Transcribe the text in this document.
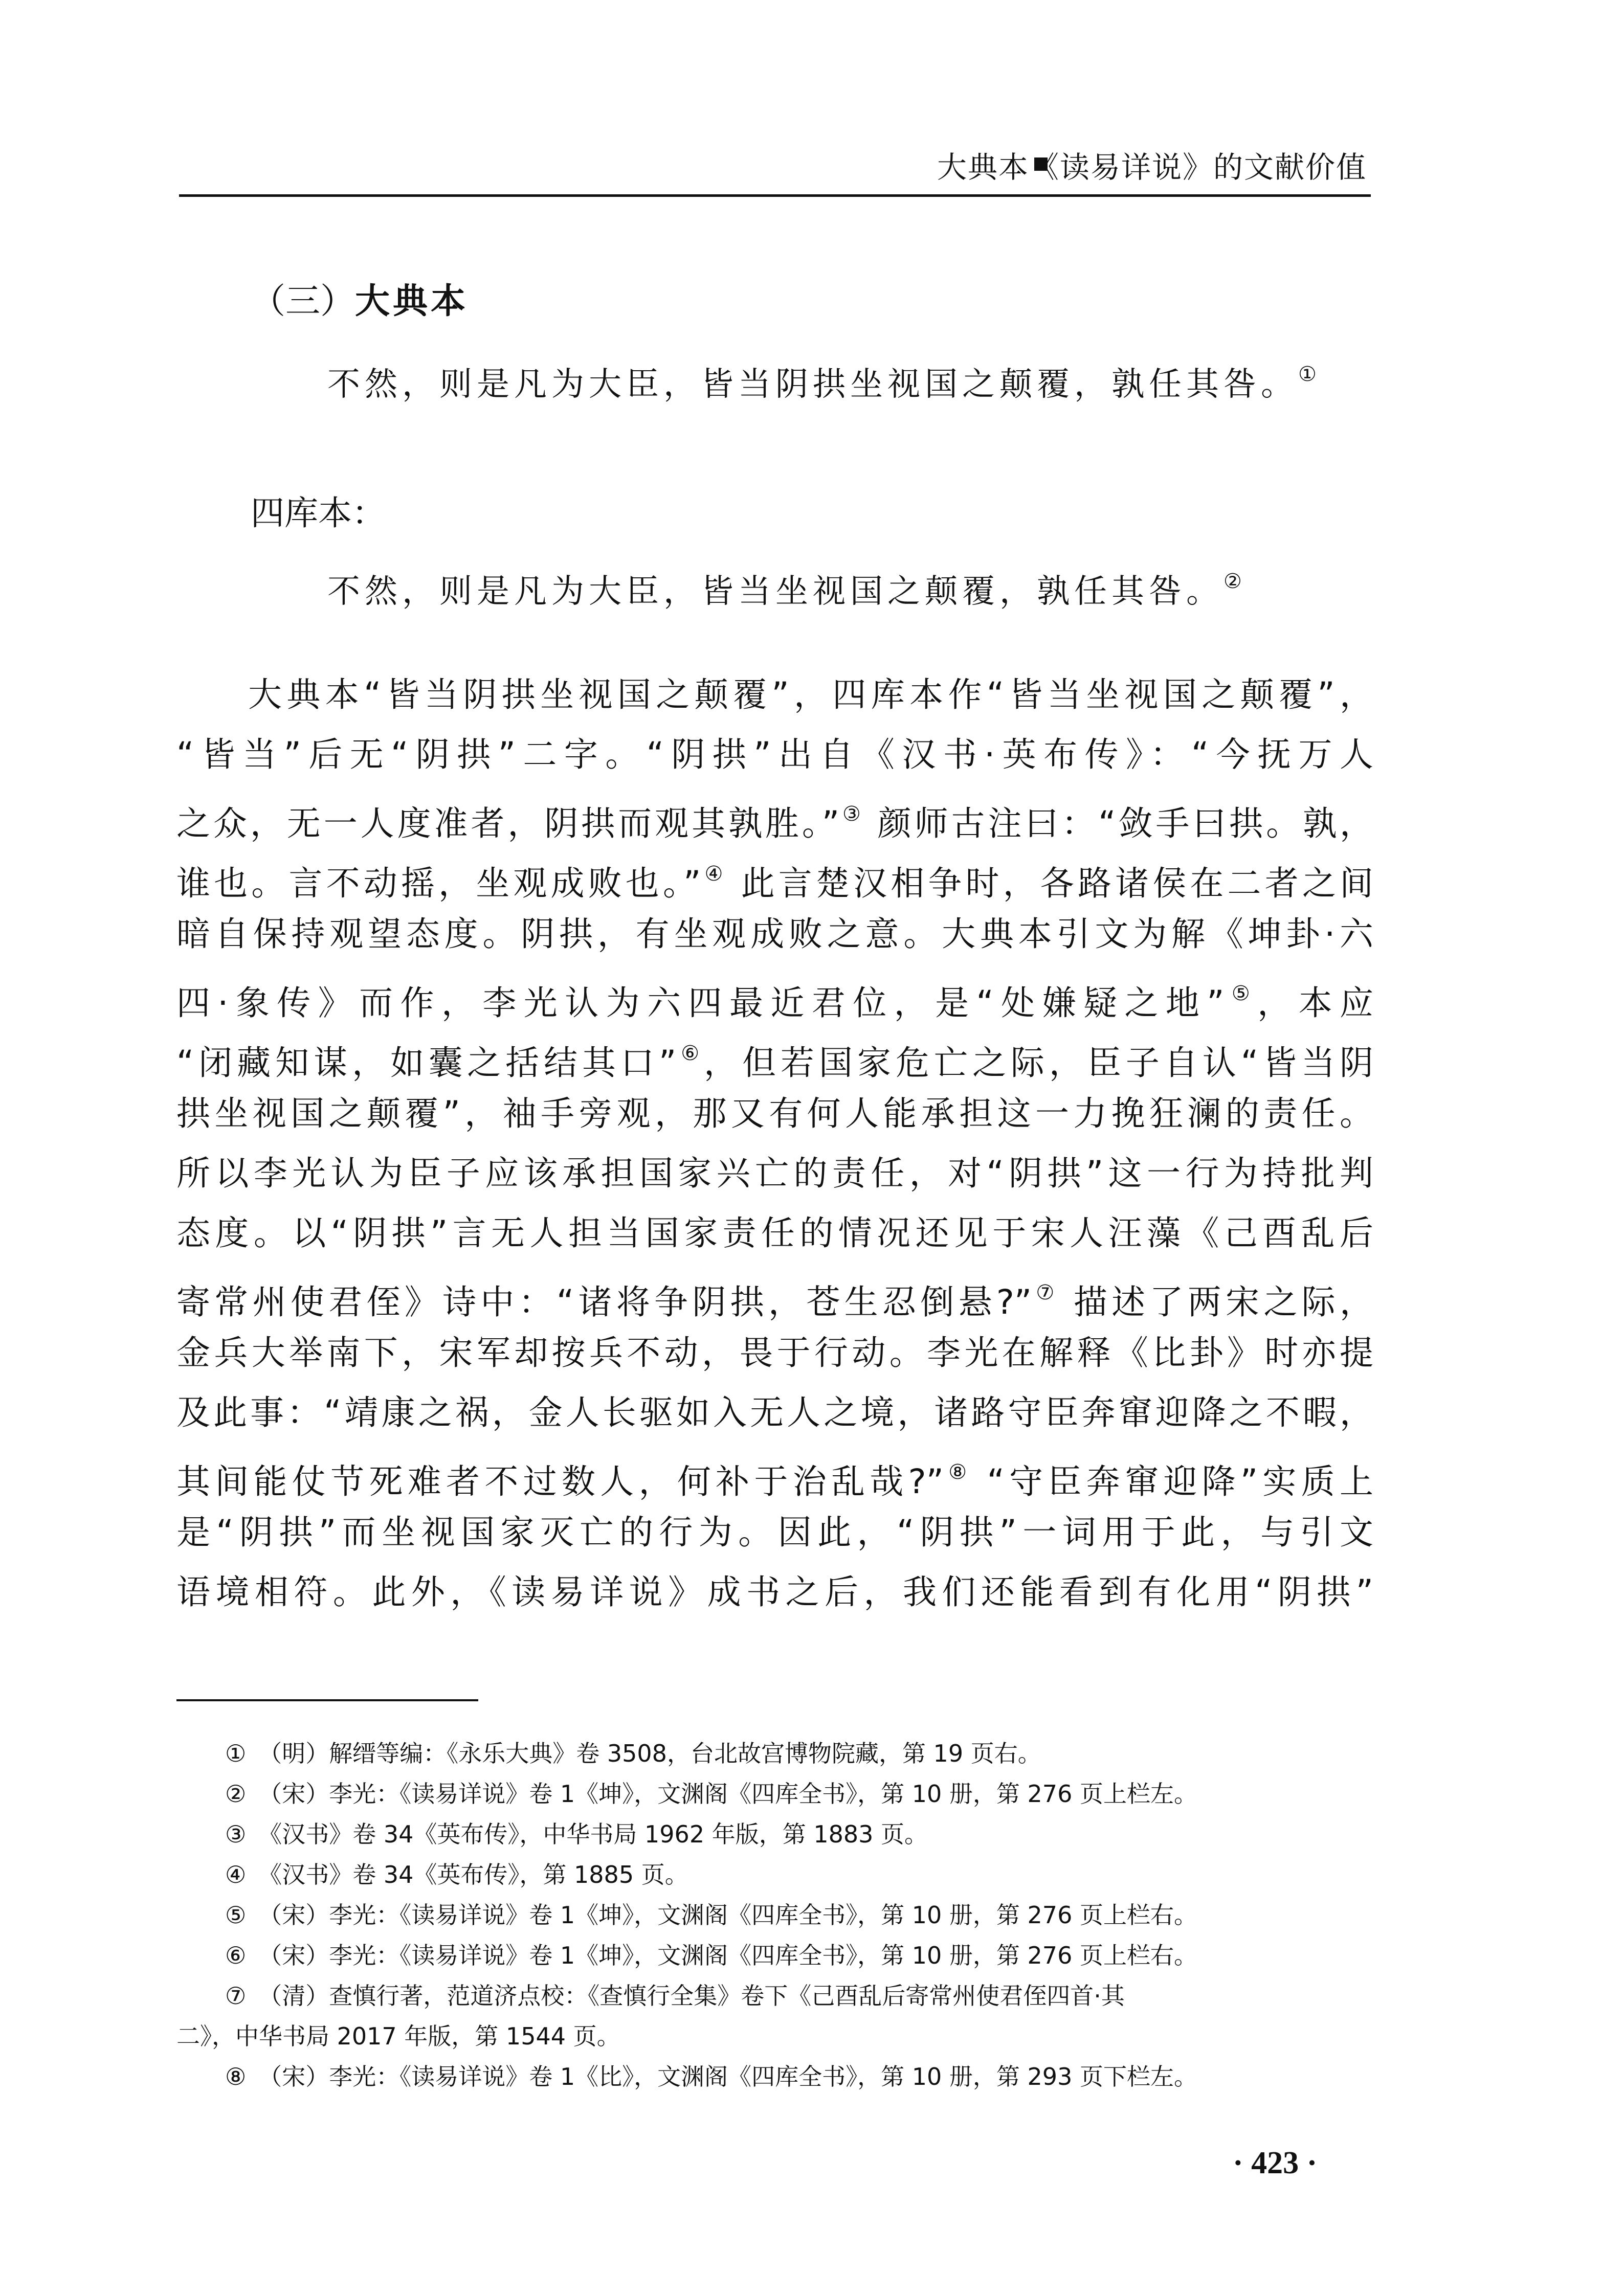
大典本《读易详说》的文献价值
（三）大典本
不然，则是凡为大臣，皆当阴拱坐视国之颠覆，孰任其咎。①
四库本：
不然，则是凡为大臣，皆当坐视国之颠覆，孰任其咎。②
大典本“皆当阴拱坐视国之颠覆”，四库本作“皆当坐视国之颠覆”，
“皆当”后无“阴拱”二字。“阴拱”出自《汉书·英布传》：“今抚万人
之众，无一人度准者，阴拱而观其孰胜。”③ 颜师古注曰：“敛手曰拱。孰，
谁也。言不动摇，坐观成败也。”④ 此言楚汉相争时，各路诸侯在二者之间
暗自保持观望态度。阴拱，有坐观成败之意。大典本引文为解《坤卦·六
四·象传》而作，李光认为六四最近君位，是“处嫌疑之地”⑤，本应
“闭藏知谋，如囊之括结其口”⑥，但若国家危亡之际，臣子自认“皆当阴
拱坐视国之颠覆”，袖手旁观，那又有何人能承担这一力挽狂澜的责任。
所以李光认为臣子应该承担国家兴亡的责任，对“阴拱”这一行为持批判
态度。以“阴拱”言无人担当国家责任的情况还见于宋人汪藻《己酉乱后
寄常州使君侄》诗中：“诸将争阴拱，苍生忍倒悬?”⑦ 描述了两宋之际，
金兵大举南下，宋军却按兵不动，畏于行动。李光在解释《比卦》时亦提
及此事：“靖康之祸，金人长驱如入无人之境，诸路守臣奔窜迎降之不暇，
其间能仗节死难者不过数人，何补于治乱哉?”⑧ “守臣奔窜迎降”实质上
是“阴拱”而坐视国家灭亡的行为。因此，“阴拱”一词用于此，与引文
语境相符。此外，《读易详说》成书之后，我们还能看到有化用“阴拱”
① （明）解缙等编：《永乐大典》卷 3508，台北故宫博物院藏，第 19 页右。
② （宋）李光：《读易详说》卷 1《坤》，文渊阁《四库全书》，第 10 册，第 276 页上栏左。
③ 《汉书》卷 34《英布传》，中华书局 1962 年版，第 1883 页。
④ 《汉书》卷 34《英布传》，第 1885 页。
⑤ （宋）李光：《读易详说》卷 1《坤》，文渊阁《四库全书》，第 10 册，第 276 页上栏右。
⑥ （宋）李光：《读易详说》卷 1《坤》，文渊阁《四库全书》，第 10 册，第 276 页上栏右。
⑦ （清）查慎行著，范道济点校：《查慎行全集》卷下《己酉乱后寄常州使君侄四首·其
二》，中华书局 2017 年版，第 1544 页。
⑧ （宋）李光：《读易详说》卷 1《比》，文渊阁《四库全书》，第 10 册，第 293 页下栏左。
· 423 ·
